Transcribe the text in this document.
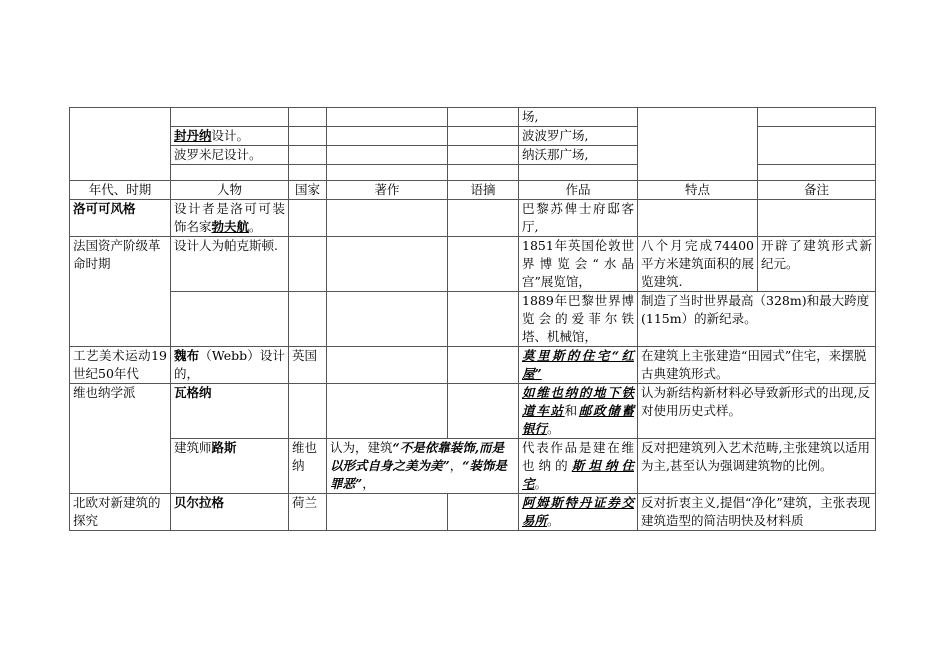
					场,		
	封丹纳设计。				波波罗广场,		
	波罗米尼设计。				纳沃那广场,		

年代、时期	人物	国家	著作	语摘	作品	特点	备注
洛可可风格	设计者是洛可可装饰名家勃夫航。				巴黎苏俾士府邸客厅,		
法国资产阶级革命时期	设计人为帕克斯顿.				1851年英国伦敦世界博览会“水晶宫”展览馆，	八个月完成74400平方米建筑面积的展览建筑.	开辟了建筑形式新纪元。
					1889年巴黎世界博览会的爱菲尔铁塔、机械馆，	制造了当时世界最高（328m)和最大跨度(115m）的新纪录。	
工艺美术运动19世纪50年代	魏布（Webb）设计的，	英国			莫里斯的住宅“红屋”	在建筑上主张建造“田园式”住宅，来摆脱古典建筑形式。	
维也纳学派	瓦格纳				如维也纳的地下铁道车站和邮政储蓄银行。	认为新结构新材料必导致新形式的出现,反对使用历史式样。	
	建筑师路斯	维也纳	认为，建筑“不是依靠装饰,而是以形式自身之美为美”，“装饰是罪恶”，		代表作品是建在维也纳的斯坦纳住宅。	反对把建筑列入艺术范畴,主张建筑以适用为主,甚至认为强调建筑物的比例。	
北欧对新建筑的探究	贝尔拉格	荷兰			阿姆斯特丹证券交易所。	反对折衷主义,提倡“净化”建筑，主张表现建筑造型的简洁明快及材料质	
